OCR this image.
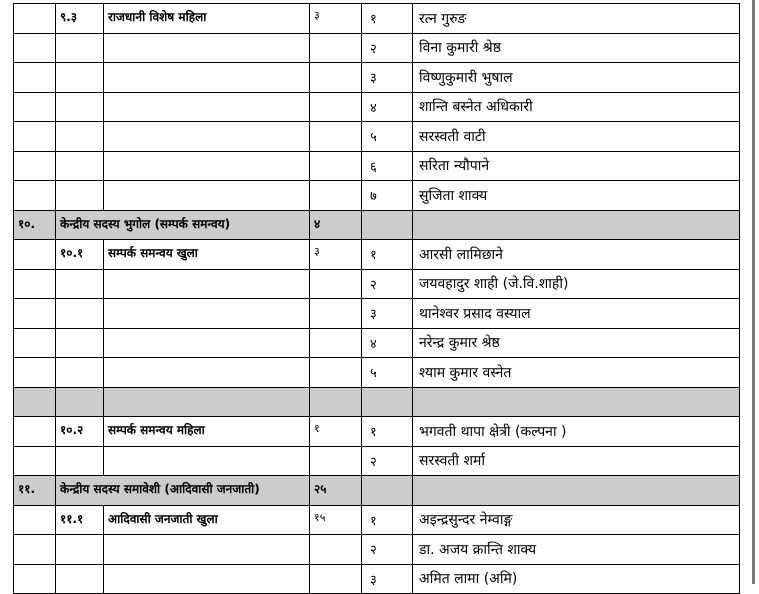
	९.३	राजधानी विशेष महिला	३	१	रत्न गुरुङ
				२	विना कुमारी श्रेष्ठ
				३	विष्णुकुमारी भुषाल
				४	शान्ति बस्नेत अधिकारी
				५	सरस्वती वाटी
				६	सरिता न्यौपाने
				७	सुजिता शाक्य
१०.	केन्द्रीय सदस्य भुगोल (सम्पर्क समन्वय)		४		
	१०.१	सम्पर्क समन्वय खुला	३	१	आरसी लामिछाने
				२	जयवहादुर शाही (जे.वि.शाही)
				३	थानेश्वर प्रसाद वस्याल
				४	नरेन्द्र कुमार श्रेष्ठ
				५	श्याम कुमार वस्नेत

	१०.२	सम्पर्क समन्वय महिला	१	१	भगवती थापा क्षेत्री (कल्पना )
				२	सरस्वती शर्मा
११.	केन्द्रीय सदस्य समावेशी (आदिवासी जनजाती)		२५		
	११.१	आदिवासी जनजाती खुला	१५	१	अइन्द्रसुन्दर नेम्वाङ्ग
				२	डा. अजय क्रान्ति शाक्य
				३	अमित लामा (अमि)
